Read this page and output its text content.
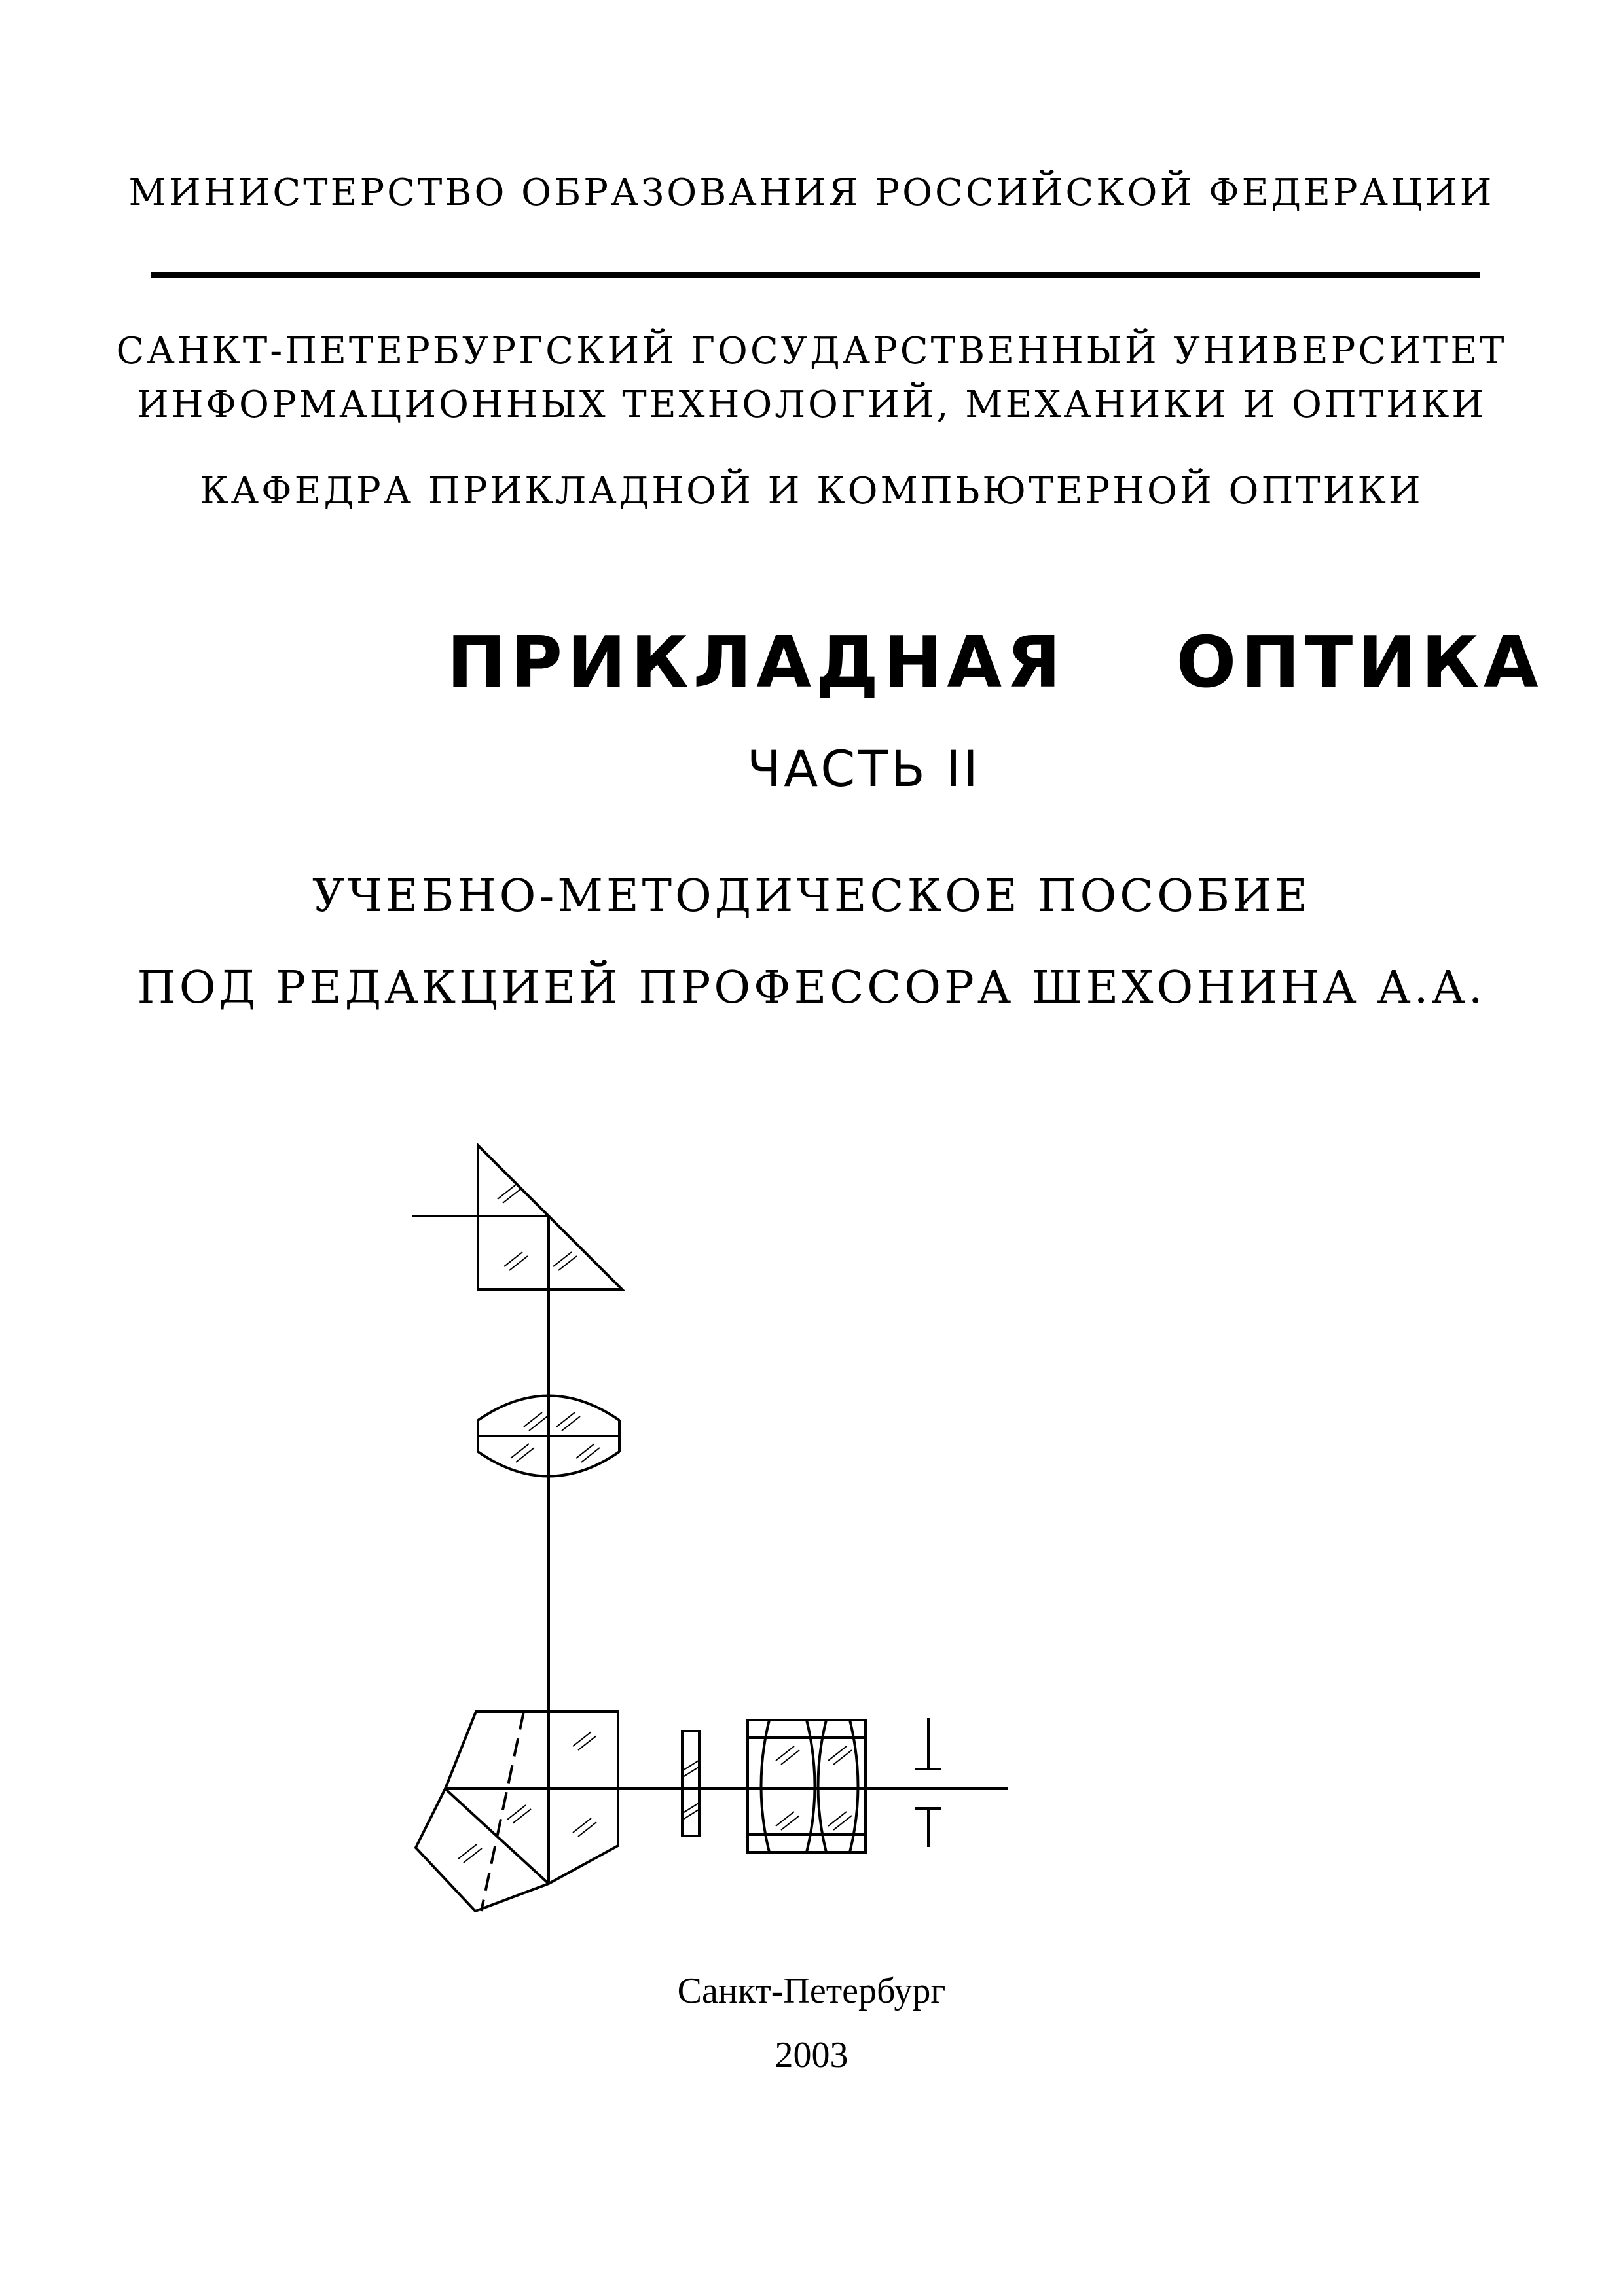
МИНИСТЕРСТВО ОБРАЗОВАНИЯ РОССИЙСКОЙ ФЕДЕРАЦИИ
САНКТ-ПЕТЕРБУРГСКИЙ ГОСУДАРСТВЕННЫЙ УНИВЕРСИТЕТ
ИНФОРМАЦИОННЫХ ТЕХНОЛОГИЙ, МЕХАНИКИ И ОПТИКИ
КАФЕДРА ПРИКЛАДНОЙ И КОМПЬЮТЕРНОЙ ОПТИКИ
ПРИКЛАДНАЯ  ОПТИКА
ЧАСТЬ II
УЧЕБНО-МЕТОДИЧЕСКОЕ ПОСОБИЕ
ПОД РЕДАКЦИЕЙ ПРОФЕССОРА ШЕХОНИНА А.А.
Санкт-Петербург
2003
